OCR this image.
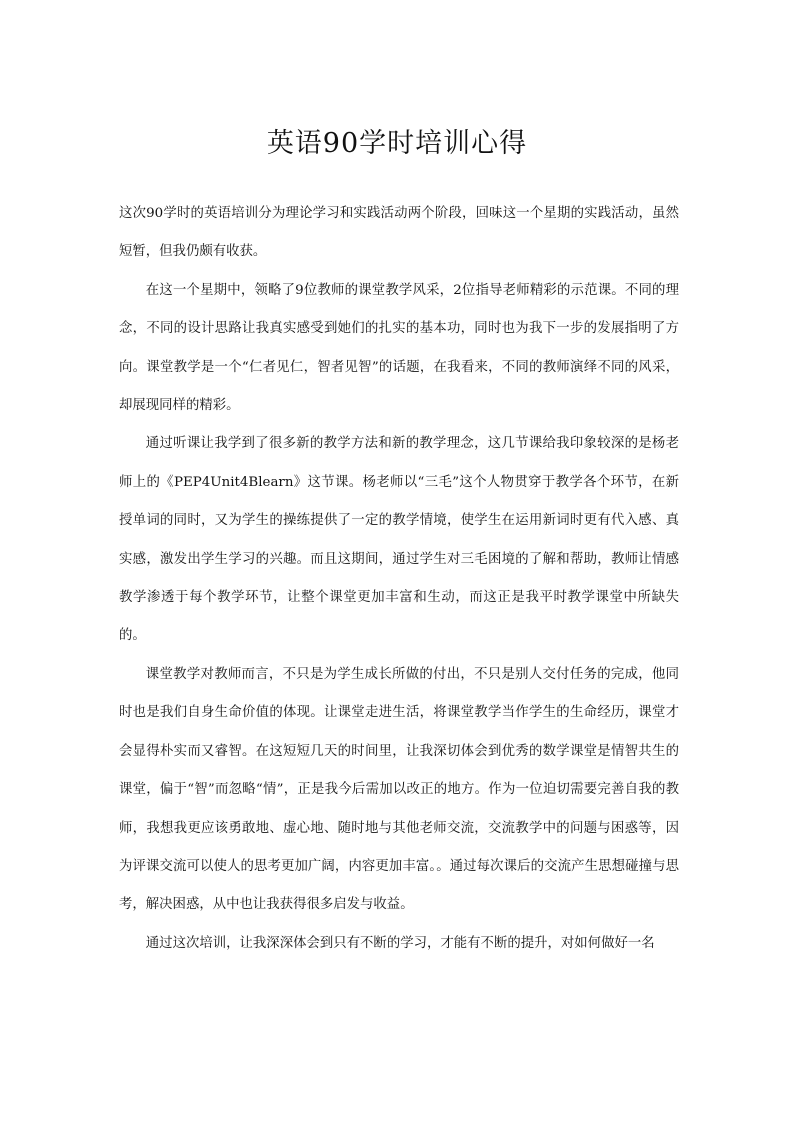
英语90学时培训心得

这次90学时的英语培训分为理论学习和实践活动两个阶段，回味这一个星期的实践活动，虽然短暂，但我仍颇有收获。

在这一个星期中，领略了9位教师的课堂教学风采，2位指导老师精彩的示范课。不同的理念，不同的设计思路让我真实感受到她们的扎实的基本功，同时也为我下一步的发展指明了方向。课堂教学是一个“仁者见仁，智者见智”的话题，在我看来，不同的教师演绎不同的风采，却展现同样的精彩。

通过听课让我学到了很多新的教学方法和新的教学理念，这几节课给我印象较深的是杨老师上的《PEP4Unit4Blearn》这节课。杨老师以“三毛”这个人物贯穿于教学各个环节，在新授单词的同时，又为学生的操练提供了一定的教学情境，使学生在运用新词时更有代入感、真实感，激发出学生学习的兴趣。而且这期间，通过学生对三毛困境的了解和帮助，教师让情感教学渗透于每个教学环节，让整个课堂更加丰富和生动，而这正是我平时教学课堂中所缺失的。

课堂教学对教师而言，不只是为学生成长所做的付出，不只是别人交付任务的完成，他同时也是我们自身生命价值的体现。让课堂走进生活，将课堂教学当作学生的生命经历，课堂才会显得朴实而又睿智。在这短短几天的时间里，让我深切体会到优秀的数学课堂是情智共生的课堂，偏于“智”而忽略“情”，正是我今后需加以改正的地方。作为一位迫切需要完善自我的教师，我想我更应该勇敢地、虚心地、随时地与其他老师交流，交流教学中的问题与困惑等，因为评课交流可以使人的思考更加广阔，内容更加丰富。。通过每次课后的交流产生思想碰撞与思考，解决困惑，从中也让我获得很多启发与收益。

通过这次培训，让我深深体会到只有不断的学习，才能有不断的提升，对如何做好一名
